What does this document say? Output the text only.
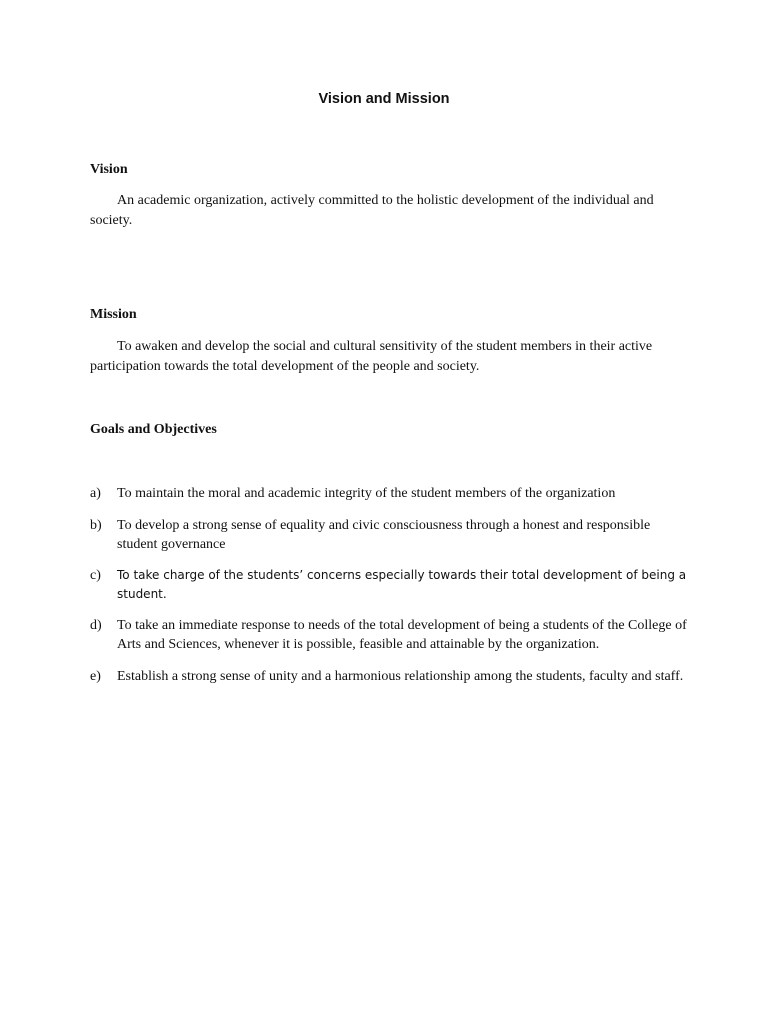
Vision and Mission
Vision
An academic organization, actively committed to the holistic development of the individual and society.
Mission
To awaken and develop the social and cultural sensitivity of the student members in their active participation towards the total development of the people and society.
Goals and Objectives
a) To maintain the moral and academic integrity of the student members of the organization
b) To develop a strong sense of equality and civic consciousness through a honest and responsible student governance
c) To take charge of the students’ concerns especially towards their total development of being a student.
d) To take an immediate response to needs of the total development of being a students of the College of Arts and Sciences, whenever it is possible, feasible and attainable by the organization.
e) Establish a strong sense of unity and a harmonious relationship among the students, faculty and staff.
